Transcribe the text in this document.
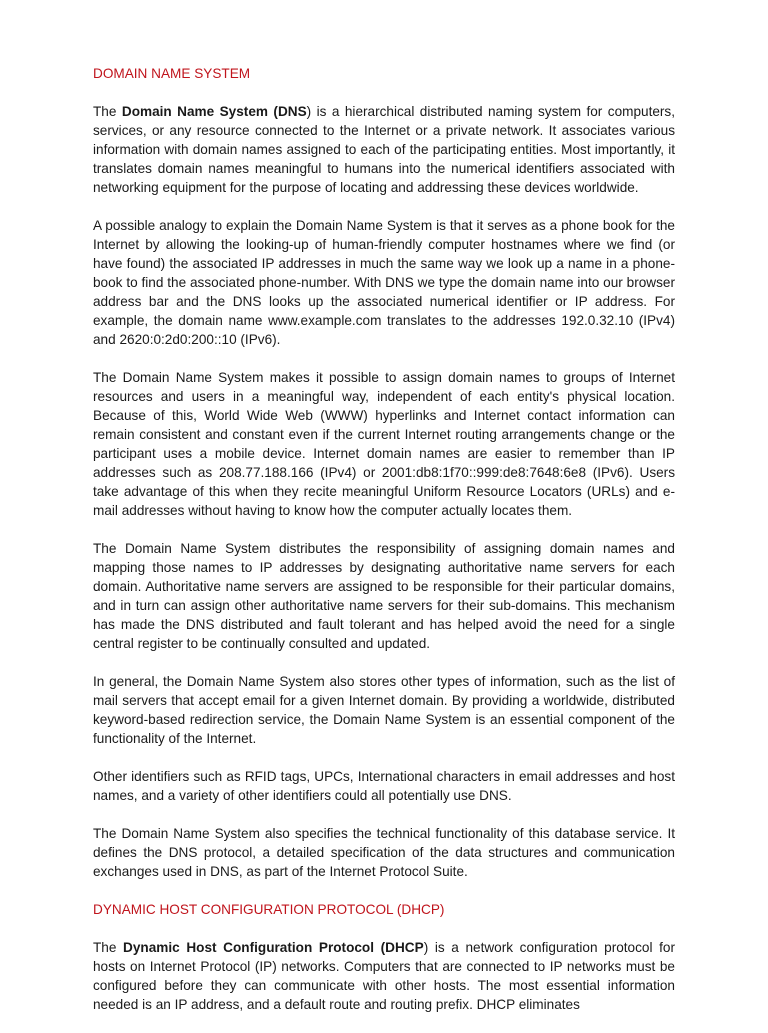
DOMAIN NAME SYSTEM

The Domain Name System (DNS) is a hierarchical distributed naming system for computers, services, or any resource connected to the Internet or a private network. It associates various information with domain names assigned to each of the participating entities. Most importantly, it translates domain names meaningful to humans into the numerical identifiers associated with networking equipment for the purpose of locating and addressing these devices worldwide.

A possible analogy to explain the Domain Name System is that it serves as a phone book for the Internet by allowing the looking-up of human-friendly computer hostnames where we find (or have found) the associated IP addresses in much the same way we look up a name in a phone-book to find the associated phone-number. With DNS we type the domain name into our browser address bar and the DNS looks up the associated numerical identifier or IP address. For example, the domain name www.example.com translates to the addresses 192.0.32.10 (IPv4) and 2620:0:2d0:200::10 (IPv6).

The Domain Name System makes it possible to assign domain names to groups of Internet resources and users in a meaningful way, independent of each entity's physical location. Because of this, World Wide Web (WWW) hyperlinks and Internet contact information can remain consistent and constant even if the current Internet routing arrangements change or the participant uses a mobile device. Internet domain names are easier to remember than IP addresses such as 208.77.188.166 (IPv4) or 2001:db8:1f70::999:de8:7648:6e8 (IPv6). Users take advantage of this when they recite meaningful Uniform Resource Locators (URLs) and e-mail addresses without having to know how the computer actually locates them.

The Domain Name System distributes the responsibility of assigning domain names and mapping those names to IP addresses by designating authoritative name servers for each domain. Authoritative name servers are assigned to be responsible for their particular domains, and in turn can assign other authoritative name servers for their sub-domains. This mechanism has made the DNS distributed and fault tolerant and has helped avoid the need for a single central register to be continually consulted and updated.

In general, the Domain Name System also stores other types of information, such as the list of mail servers that accept email for a given Internet domain. By providing a worldwide, distributed keyword-based redirection service, the Domain Name System is an essential component of the functionality of the Internet.

Other identifiers such as RFID tags, UPCs, International characters in email addresses and host names, and a variety of other identifiers could all potentially use DNS.

The Domain Name System also specifies the technical functionality of this database service. It defines the DNS protocol, a detailed specification of the data structures and communication exchanges used in DNS, as part of the Internet Protocol Suite.

DYNAMIC HOST CONFIGURATION PROTOCOL (DHCP)

The Dynamic Host Configuration Protocol (DHCP) is a network configuration protocol for hosts on Internet Protocol (IP) networks. Computers that are connected to IP networks must be configured before they can communicate with other hosts. The most essential information needed is an IP address, and a default route and routing prefix. DHCP eliminates
